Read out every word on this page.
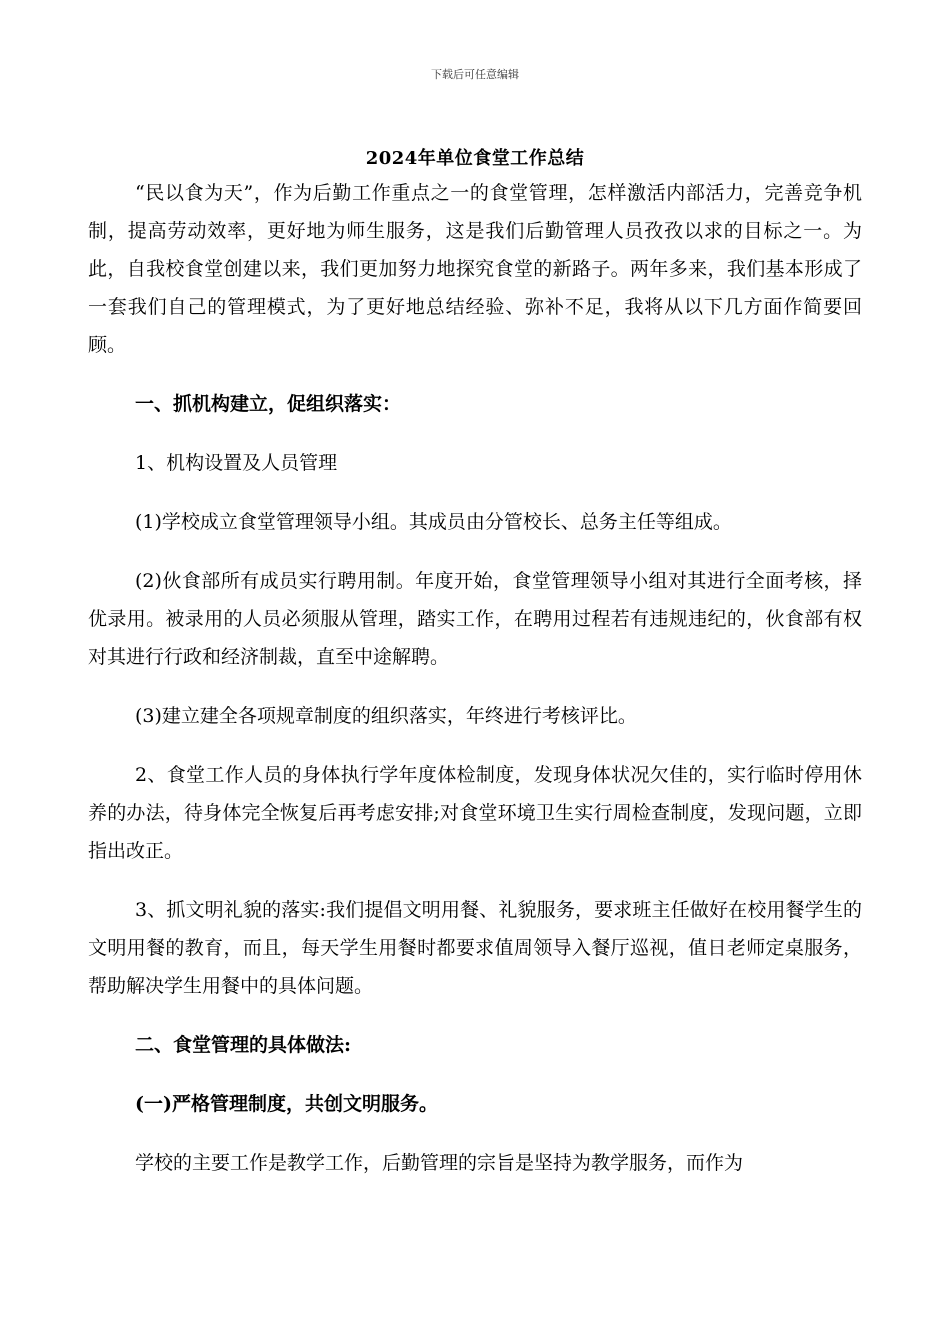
下载后可任意编辑
2024年单位食堂工作总结

“民以食为天”，作为后勤工作重点之一的食堂管理，怎样激活内部活力，完善竞争机制，提高劳动效率，更好地为师生服务，这是我们后勤管理人员孜孜以求的目标之一。为此，自我校食堂创建以来，我们更加努力地探究食堂的新路子。两年多来，我们基本形成了一套我们自己的管理模式，为了更好地总结经验、弥补不足，我将从以下几方面作简要回顾。

一、抓机构建立，促组织落实：

1、机构设置及人员管理

(1)学校成立食堂管理领导小组。其成员由分管校长、总务主任等组成。

(2)伙食部所有成员实行聘用制。年度开始，食堂管理领导小组对其进行全面考核，择优录用。被录用的人员必须服从管理，踏实工作，在聘用过程若有违规违纪的，伙食部有权对其进行行政和经济制裁，直至中途解聘。

(3)建立建全各项规章制度的组织落实，年终进行考核评比。

2、食堂工作人员的身体执行学年度体检制度，发现身体状况欠佳的，实行临时停用休养的办法，待身体完全恢复后再考虑安排;对食堂环境卫生实行周检查制度，发现问题，立即指出改正。

3、抓文明礼貌的落实:我们提倡文明用餐、礼貌服务，要求班主任做好在校用餐学生的文明用餐的教育，而且，每天学生用餐时都要求值周领导入餐厅巡视，值日老师定桌服务，帮助解决学生用餐中的具体问题。

二、食堂管理的具体做法:

(一)严格管理制度，共创文明服务。

学校的主要工作是教学工作，后勤管理的宗旨是坚持为教学服务，而作为
